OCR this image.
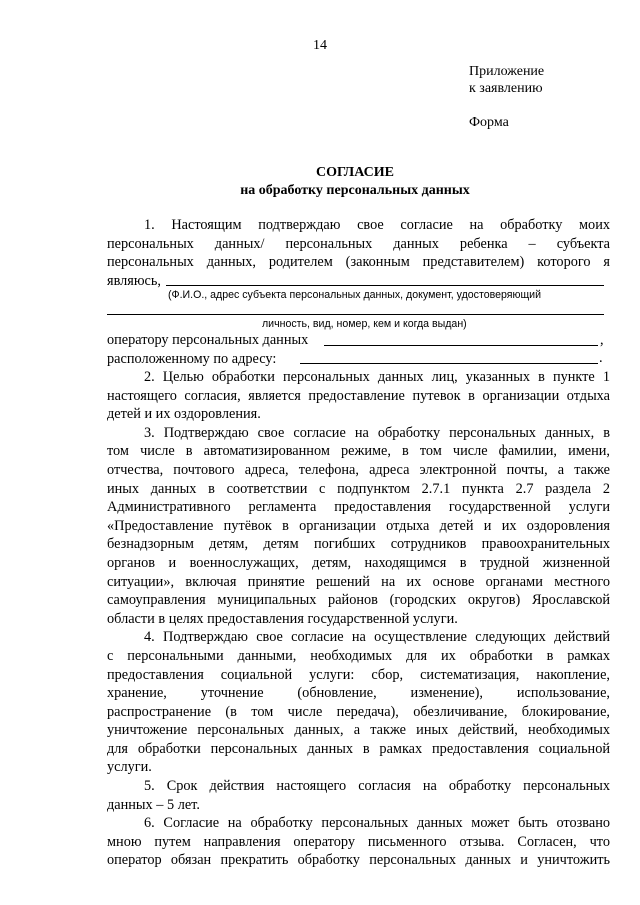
14
Приложение
к заявлению
Форма
СОГЛАСИЕ
на обработку персональных данных
1. Настоящим подтверждаю свое согласие на обработку моих
персональных данных/ персональных данных ребенка – субъекта
персональных данных, родителем (законным представителем) которого я
являюсь,
(Ф.И.О., адрес субъекта персональных данных, документ, удостоверяющий
личность, вид, номер, кем и когда выдан)
оператору персональных данных
расположенному по адресу:
,
.
2. Целью обработки персональных данных лиц, указанных в пункте 1
настоящего согласия, является предоставление путевок в организации отдыха
детей и их оздоровления.
3. Подтверждаю свое согласие на обработку персональных данных, в
том числе в автоматизированном режиме, в том числе фамилии, имени,
отчества, почтового адреса, телефона, адреса электронной почты, а также
иных данных в соответствии с подпунктом 2.7.1 пункта 2.7 раздела 2
Административного регламента предоставления государственной услуги
«Предоставление путёвок в организации отдыха детей и их оздоровления
безнадзорным детям, детям погибших сотрудников правоохранительных
органов и военнослужащих, детям, находящимся в трудной жизненной
ситуации», включая принятие решений на их основе органами местного
самоуправления муниципальных районов (городских округов) Ярославской
области в целях предоставления государственной услуги.
4. Подтверждаю свое согласие на осуществление следующих действий
с персональными данными, необходимых для их обработки в рамках
предоставления социальной услуги: сбор, систематизация, накопление,
хранение, уточнение (обновление, изменение), использование,
распространение (в том числе передача), обезличивание, блокирование,
уничтожение персональных данных, а также иных действий, необходимых
для обработки персональных данных в рамках предоставления социальной
услуги.
5. Срок действия настоящего согласия на обработку персональных
данных – 5 лет.
6. Согласие на обработку персональных данных может быть отозвано
мною путем направления оператору письменного отзыва. Согласен, что
оператор обязан прекратить обработку персональных данных и уничтожить
